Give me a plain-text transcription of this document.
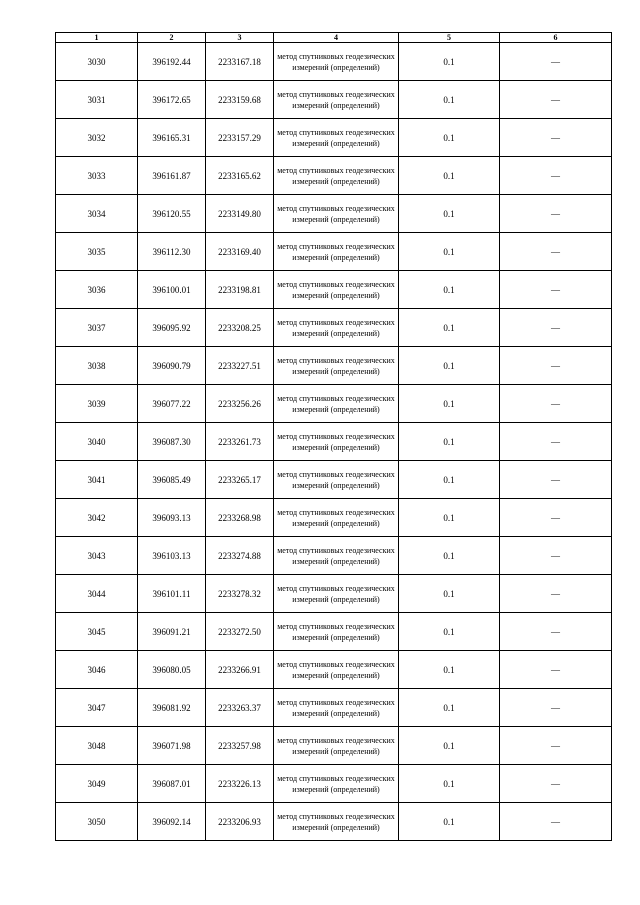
1	2	3	4	5	6
3030	396192.44	2233167.18	метод спутниковых геодезических измерений (определений)	0.1	—
3031	396172.65	2233159.68	метод спутниковых геодезических измерений (определений)	0.1	—
3032	396165.31	2233157.29	метод спутниковых геодезических измерений (определений)	0.1	—
3033	396161.87	2233165.62	метод спутниковых геодезических измерений (определений)	0.1	—
3034	396120.55	2233149.80	метод спутниковых геодезических измерений (определений)	0.1	—
3035	396112.30	2233169.40	метод спутниковых геодезических измерений (определений)	0.1	—
3036	396100.01	2233198.81	метод спутниковых геодезических измерений (определений)	0.1	—
3037	396095.92	2233208.25	метод спутниковых геодезических измерений (определений)	0.1	—
3038	396090.79	2233227.51	метод спутниковых геодезических измерений (определений)	0.1	—
3039	396077.22	2233256.26	метод спутниковых геодезических измерений (определений)	0.1	—
3040	396087.30	2233261.73	метод спутниковых геодезических измерений (определений)	0.1	—
3041	396085.49	2233265.17	метод спутниковых геодезических измерений (определений)	0.1	—
3042	396093.13	2233268.98	метод спутниковых геодезических измерений (определений)	0.1	—
3043	396103.13	2233274.88	метод спутниковых геодезических измерений (определений)	0.1	—
3044	396101.11	2233278.32	метод спутниковых геодезических измерений (определений)	0.1	—
3045	396091.21	2233272.50	метод спутниковых геодезических измерений (определений)	0.1	—
3046	396080.05	2233266.91	метод спутниковых геодезических измерений (определений)	0.1	—
3047	396081.92	2233263.37	метод спутниковых геодезических измерений (определений)	0.1	—
3048	396071.98	2233257.98	метод спутниковых геодезических измерений (определений)	0.1	—
3049	396087.01	2233226.13	метод спутниковых геодезических измерений (определений)	0.1	—
3050	396092.14	2233206.93	метод спутниковых геодезических измерений (определений)	0.1	—
